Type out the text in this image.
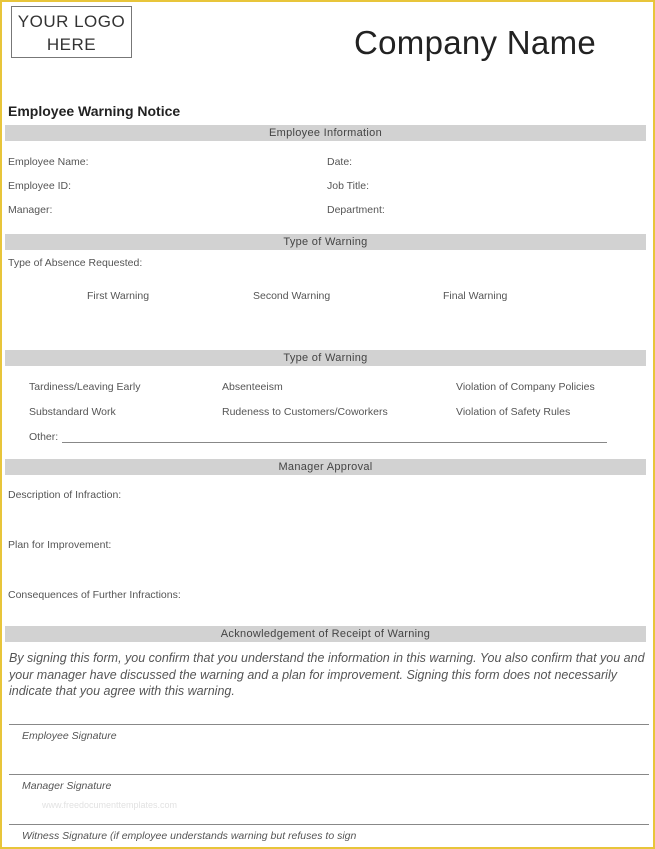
YOUR LOGO
HERE	Company Name
Employee Warning Notice
Employee Information
Employee Name:	Date:
Employee ID:	Job Title:
Manager:	Department:
Type of Warning
Type of Absence Requested:
First Warning	Second Warning	Final Warning
Type of Warning
Tardiness/Leaving Early	Absenteeism	Violation of Company Policies
Substandard Work	Rudeness to Customers/Coworkers	Violation of Safety Rules
Other:
Manager Approval
Description of Infraction:
Plan for Improvement:
Consequences of Further Infractions:
Acknowledgement of Receipt of Warning
By signing this form, you confirm that you understand the information in this warning. You also confirm that you and your manager have discussed the warning and a plan for improvement. Signing this form does not necessarily indicate that you agree with this warning.
Employee Signature
Manager Signature
www.freedocumenttemplates.com
Witness Signature (if employee understands warning but refuses to sign
